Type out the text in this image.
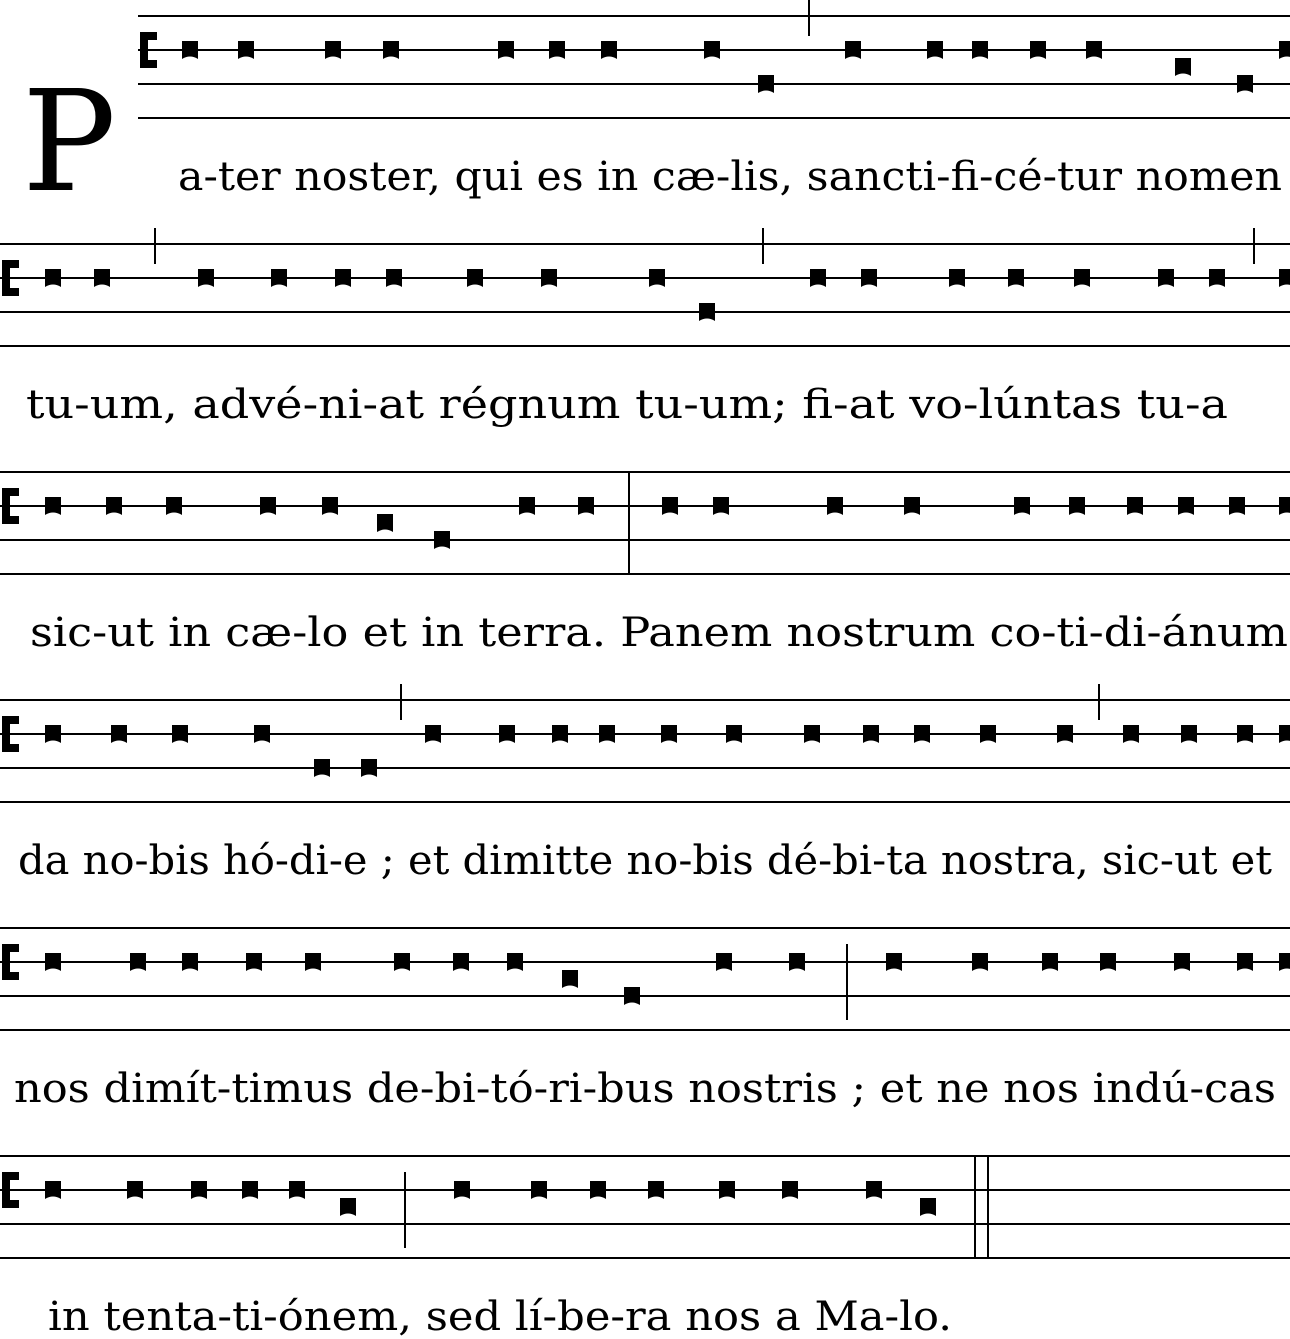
P a-ter noster, qui es in cæ-lis, sancti-fi-cé-tur nomen
tu-um, advé-ni-at régnum tu-um; fi-at vo-lúntas tu-a
sic-ut in cæ-lo et in terra. Panem nostrum co-ti-di-ánum
da no-bis hó-di-e ; et dimitte no-bis dé-bi-ta nostra, sic-ut et
nos dimít-timus de-bi-tó-ri-bus nostris ; et ne nos indú-cas
in tenta-ti-ónem, sed lí-be-ra nos a Ma-lo.
